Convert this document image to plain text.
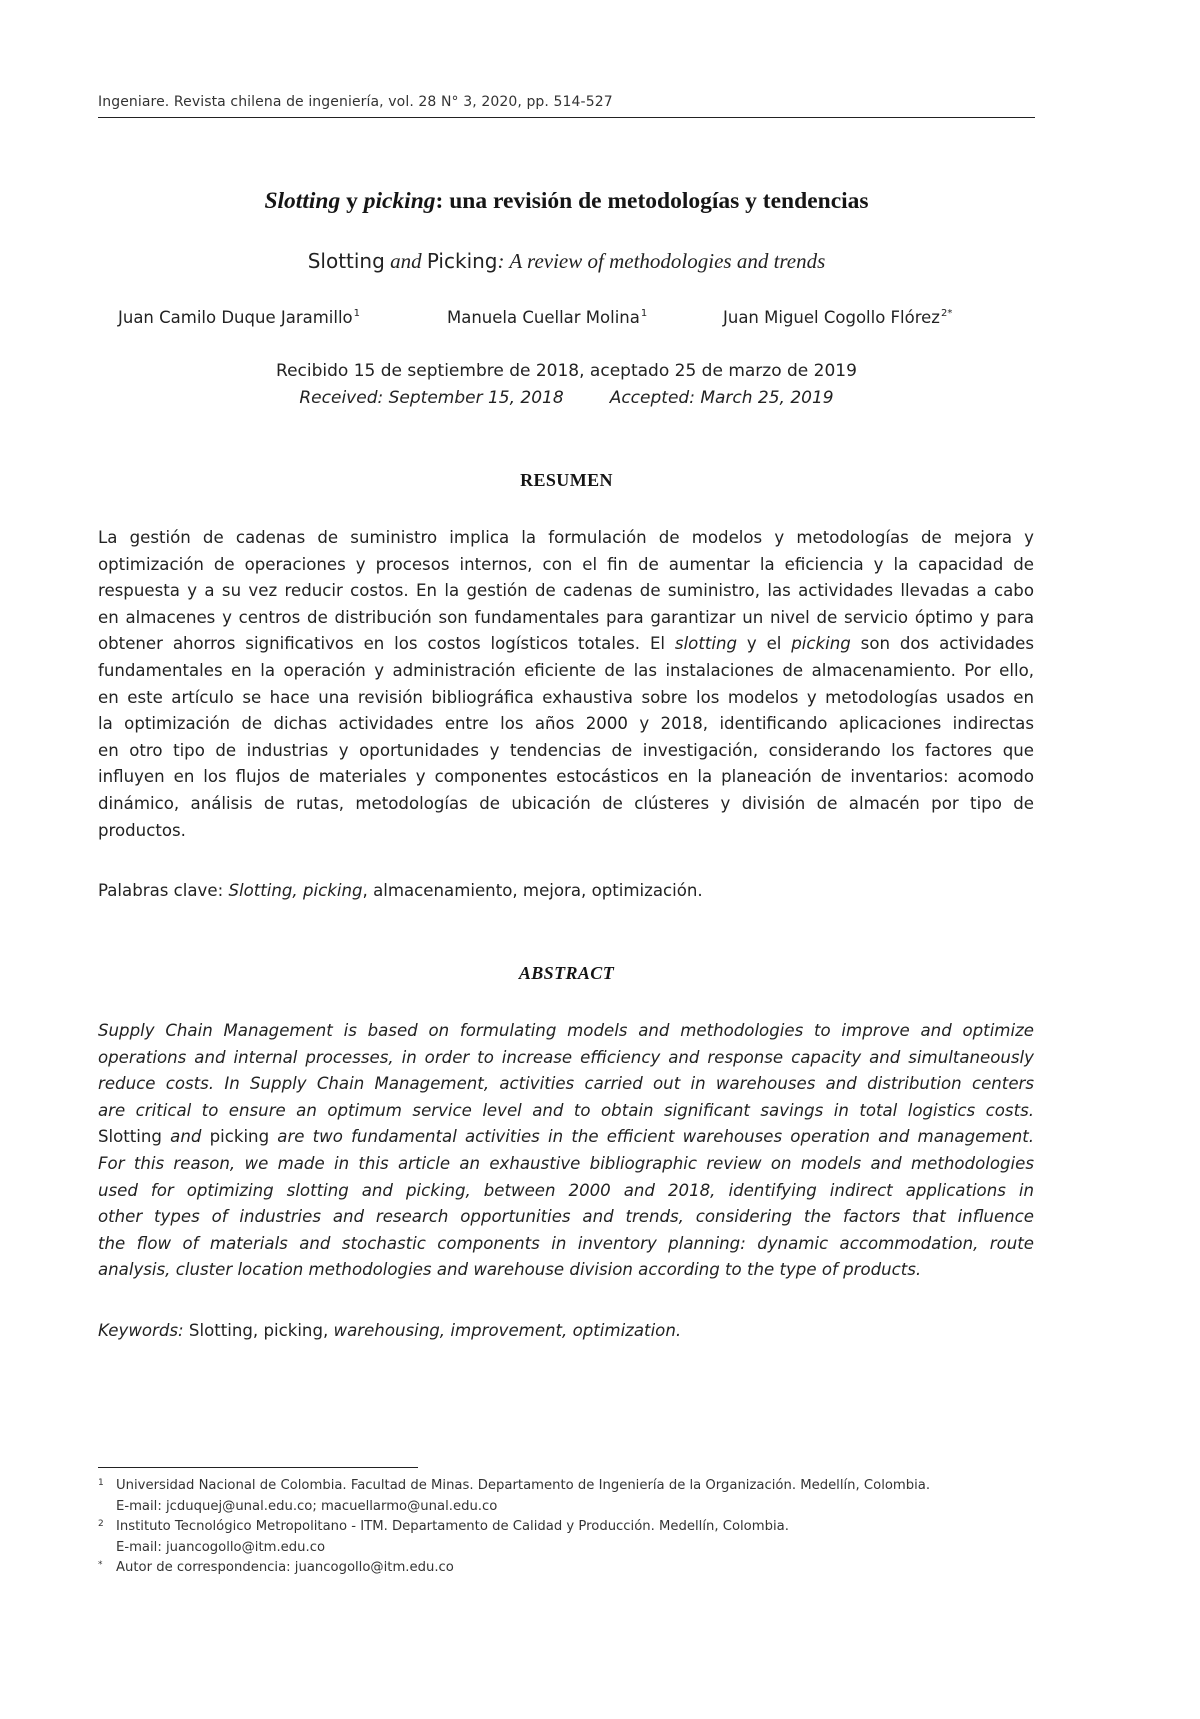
Ingeniare. Revista chilena de ingeniería, vol. 28 N° 3, 2020, pp. 514-527
Slotting y picking: una revisión de metodologías y tendencias
Slotting and Picking: A review of methodologies and trends
Juan Camilo Duque Jaramillo$^1$	Manuela Cuellar Molina$^1$	Juan Miguel Cogollo Flórez$^{2*}$
Recibido 15 de septiembre de 2018, aceptado 25 de marzo de 2019
Received: September 15, 2018	Accepted: March 25, 2019
RESUMEN
La gestión de cadenas de suministro implica la formulación de modelos y metodologías de mejora y
optimización de operaciones y procesos internos, con el fin de aumentar la eficiencia y la capacidad de
respuesta y a su vez reducir costos. En la gestión de cadenas de suministro, las actividades llevadas a cabo
en almacenes y centros de distribución son fundamentales para garantizar un nivel de servicio óptimo y para
obtener ahorros significativos en los costos logísticos totales. El slotting y el picking son dos actividades
fundamentales en la operación y administración eficiente de las instalaciones de almacenamiento. Por ello,
en este artículo se hace una revisión bibliográfica exhaustiva sobre los modelos y metodologías usados en
la optimización de dichas actividades entre los años 2000 y 2018, identificando aplicaciones indirectas
en otro tipo de industrias y oportunidades y tendencias de investigación, considerando los factores que
influyen en los flujos de materiales y componentes estocásticos en la planeación de inventarios: acomodo
dinámico, análisis de rutas, metodologías de ubicación de clústeres y división de almacén por tipo de
productos.
Palabras clave: Slotting, picking, almacenamiento, mejora, optimización.
ABSTRACT
Supply Chain Management is based on formulating models and methodologies to improve and optimize
operations and internal processes, in order to increase efficiency and response capacity and simultaneously
reduce costs. In Supply Chain Management, activities carried out in warehouses and distribution centers
are critical to ensure an optimum service level and to obtain significant savings in total logistics costs.
Slotting and picking are two fundamental activities in the efficient warehouses operation and management.
For this reason, we made in this article an exhaustive bibliographic review on models and methodologies
used for optimizing slotting and picking, between 2000 and 2018, identifying indirect applications in
other types of industries and research opportunities and trends, considering the factors that influence
the flow of materials and stochastic components in inventory planning: dynamic accommodation, route
analysis, cluster location methodologies and warehouse division according to the type of products.
Keywords: Slotting, picking, warehousing, improvement, optimization.
1 Universidad Nacional de Colombia. Facultad de Minas. Departamento de Ingeniería de la Organización. Medellín, Colombia.
E-mail: jcduquej@unal.edu.co; macuellarmo@unal.edu.co
2 Instituto Tecnológico Metropolitano - ITM. Departamento de Calidad y Producción. Medellín, Colombia.
E-mail: juancogollo@itm.edu.co
* Autor de correspondencia: juancogollo@itm.edu.co
